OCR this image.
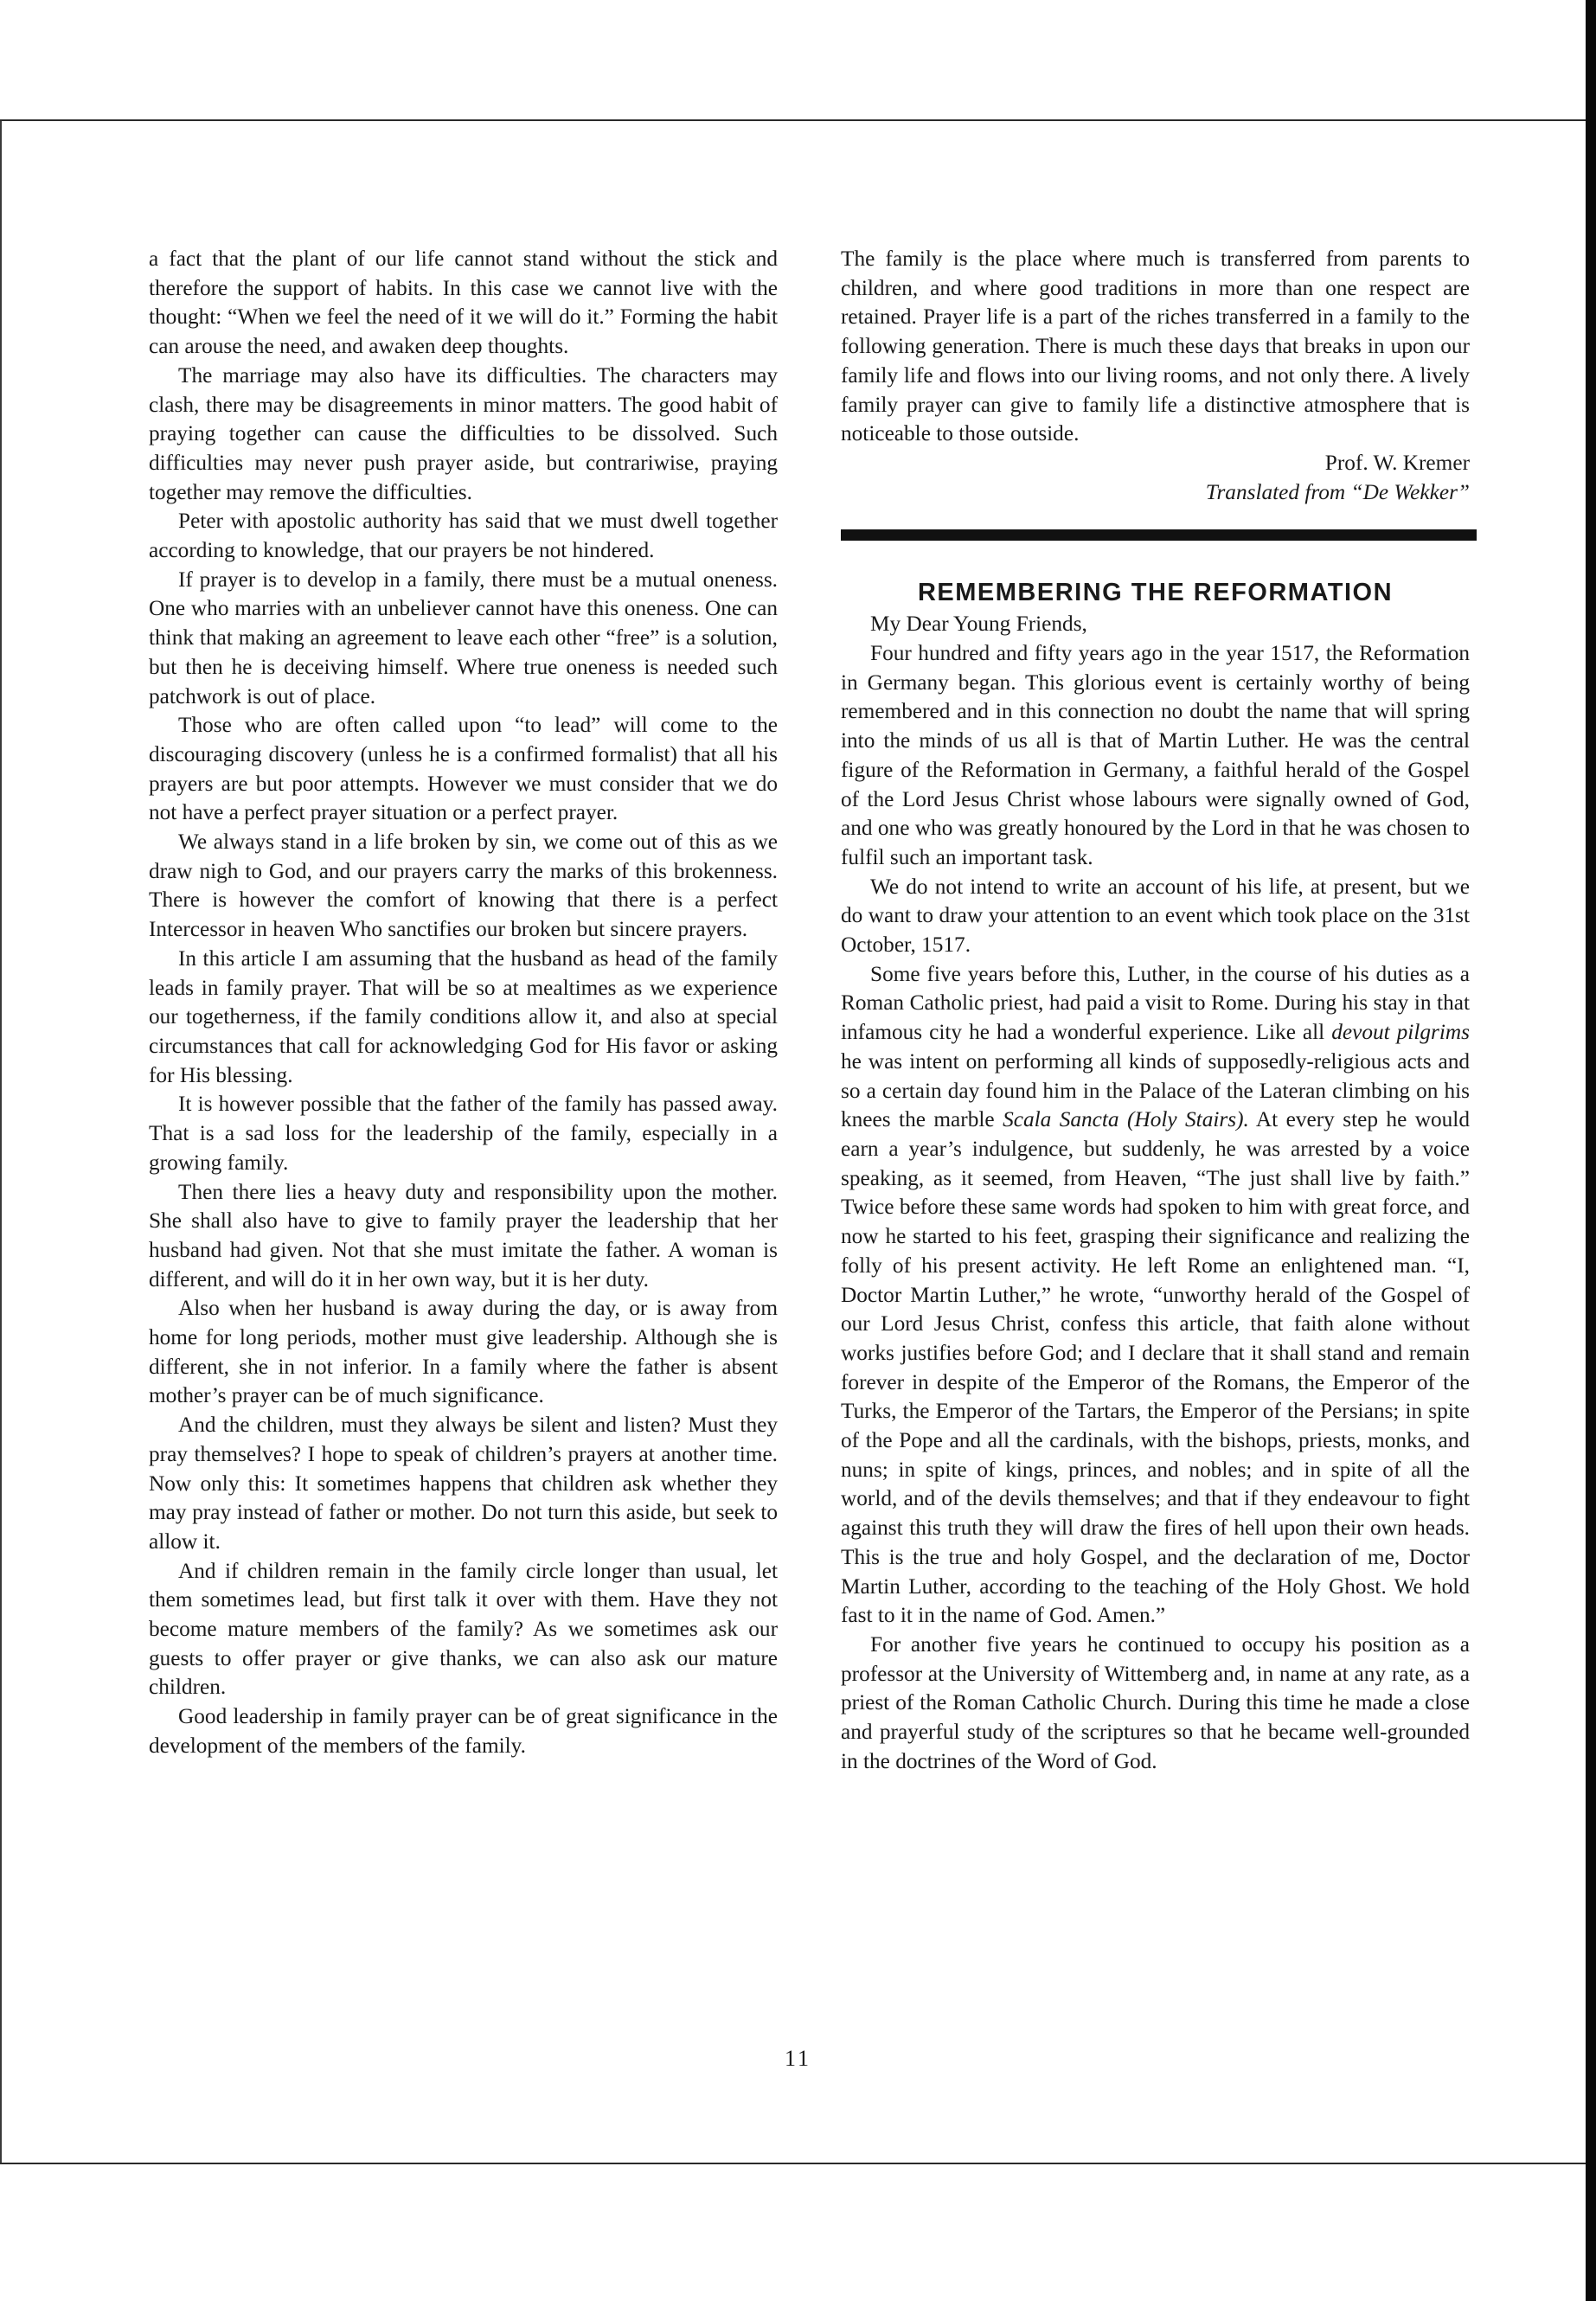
a fact that the plant of our life cannot stand without the stick and therefore the support of habits. In this case we cannot live with the thought: “When we feel the need of it we will do it.” Forming the habit can arouse the need, and awaken deep thoughts.

The marriage may also have its difficulties. The characters may clash, there may be disagreements in minor matters. The good habit of praying together can cause the difficulties to be dissolved. Such difficulties may never push prayer aside, but contrariwise, praying together may remove the difficulties.

Peter with apostolic authority has said that we must dwell together according to knowledge, that our prayers be not hindered.

If prayer is to develop in a family, there must be a mutual oneness. One who marries with an unbeliever cannot have this oneness. One can think that making an agreement to leave each other “free” is a solution, but then he is deceiving himself. Where true oneness is needed such patchwork is out of place.

Those who are often called upon “to lead” will come to the discouraging discovery (unless he is a confirmed formalist) that all his prayers are but poor attempts. However we must consider that we do not have a perfect prayer situation or a perfect prayer.

We always stand in a life broken by sin, we come out of this as we draw nigh to God, and our prayers carry the marks of this brokenness. There is however the comfort of knowing that there is a perfect Intercessor in heaven Who sanctifies our broken but sincere prayers.

In this article I am assuming that the husband as head of the family leads in family prayer. That will be so at mealtimes as we experience our togetherness, if the family conditions allow it, and also at special circumstances that call for acknowledging God for His favor or asking for His blessing.

It is however possible that the father of the family has passed away. That is a sad loss for the leadership of the family, especially in a growing family.

Then there lies a heavy duty and responsibility upon the mother. She shall also have to give to family prayer the leadership that her husband had given. Not that she must imitate the father. A woman is different, and will do it in her own way, but it is her duty.

Also when her husband is away during the day, or is away from home for long periods, mother must give leadership. Although she is different, she in not inferior. In a family where the father is absent mother’s prayer can be of much significance.

And the children, must they always be silent and listen? Must they pray themselves? I hope to speak of children’s prayers at another time. Now only this: It sometimes happens that children ask whether they may pray instead of father or mother. Do not turn this aside, but seek to allow it.

And if children remain in the family circle longer than usual, let them sometimes lead, but first talk it over with them. Have they not become mature members of the family? As we sometimes ask our guests to offer prayer or give thanks, we can also ask our mature children.

Good leadership in family prayer can be of great significance in the development of the members of the family.

The family is the place where much is transferred from parents to children, and where good traditions in more than one respect are retained. Prayer life is a part of the riches transferred in a family to the following generation. There is much these days that breaks in upon our family life and flows into our living rooms, and not only there. A lively family prayer can give to family life a distinctive atmosphere that is noticeable to those outside.

Prof. W. Kremer

Translated from “De Wekker”

REMEMBERING THE REFORMATION

My Dear Young Friends,

Four hundred and fifty years ago in the year 1517, the Reformation in Germany began. This glorious event is certainly worthy of being remembered and in this connection no doubt the name that will spring into the minds of us all is that of Martin Luther. He was the central figure of the Reformation in Germany, a faithful herald of the Gospel of the Lord Jesus Christ whose labours were signally owned of God, and one who was greatly honoured by the Lord in that he was chosen to fulfil such an important task.

We do not intend to write an account of his life, at present, but we do want to draw your attention to an event which took place on the 31st October, 1517.

Some five years before this, Luther, in the course of his duties as a Roman Catholic priest, had paid a visit to Rome. During his stay in that infamous city he had a wonderful experience. Like all devout pilgrims he was intent on performing all kinds of supposedly-religious acts and so a certain day found him in the Palace of the Lateran climbing on his knees the marble Scala Sancta (Holy Stairs). At every step he would earn a year’s indulgence, but suddenly, he was arrested by a voice speaking, as it seemed, from Heaven, “The just shall live by faith.” Twice before these same words had spoken to him with great force, and now he started to his feet, grasping their significance and realizing the folly of his present activity. He left Rome an enlightened man. “I, Doctor Martin Luther,” he wrote, “unworthy herald of the Gospel of our Lord Jesus Christ, confess this article, that faith alone without works justifies before God; and I declare that it shall stand and remain forever in despite of the Emperor of the Romans, the Emperor of the Turks, the Emperor of the Tartars, the Emperor of the Persians; in spite of the Pope and all the cardinals, with the bishops, priests, monks, and nuns; in spite of kings, princes, and nobles; and in spite of all the world, and of the devils themselves; and that if they endeavour to fight against this truth they will draw the fires of hell upon their own heads. This is the true and holy Gospel, and the declaration of me, Doctor Martin Luther, according to the teaching of the Holy Ghost. We hold fast to it in the name of God. Amen.”

For another five years he continued to occupy his position as a professor at the University of Wittemberg and, in name at any rate, as a priest of the Roman Catholic Church. During this time he made a close and prayerful study of the scriptures so that he became well-grounded in the doctrines of the Word of God.

11
